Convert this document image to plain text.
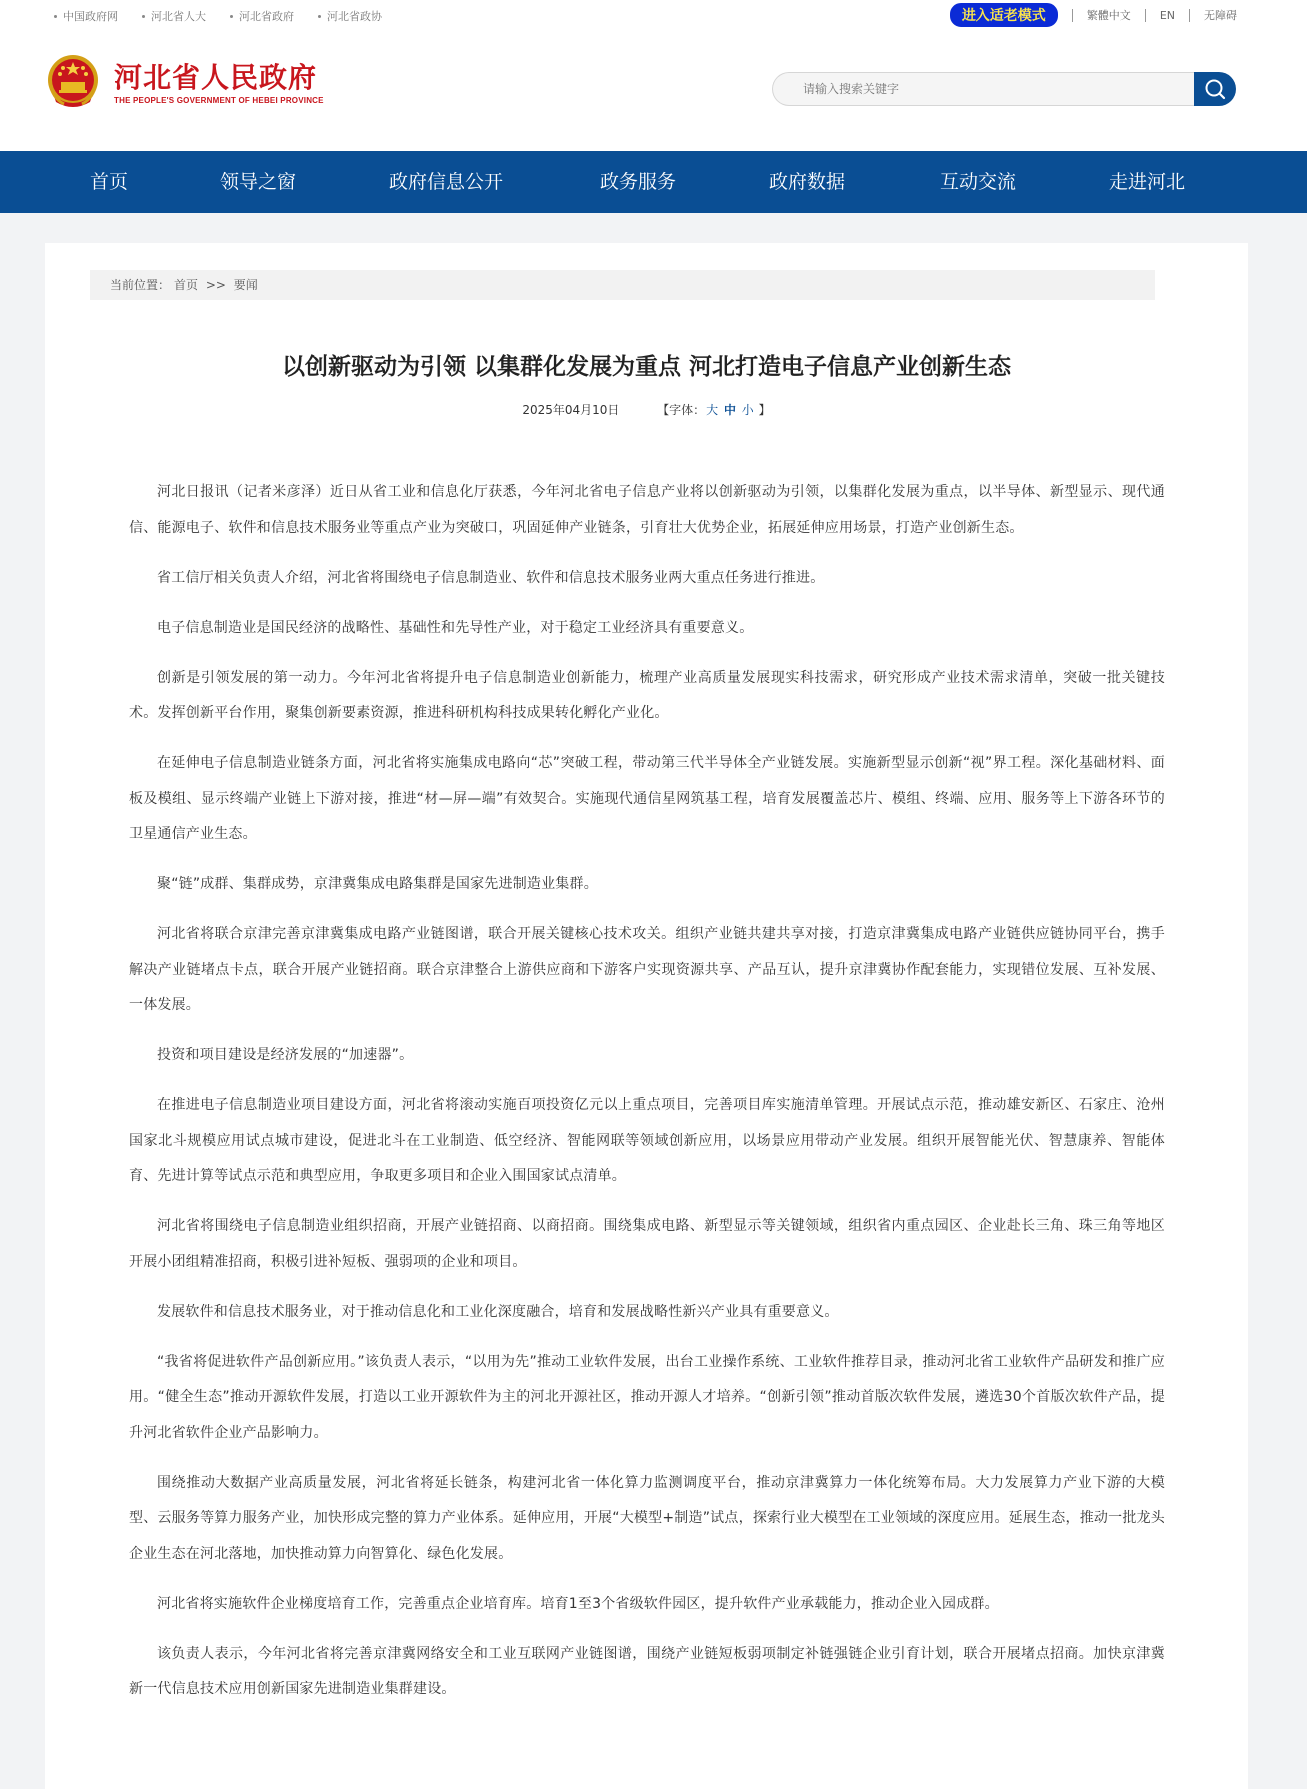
中国政府网	河北省人大	河北省政府	河北省政协	进入适老模式	繁體中文	EN	无障碍
河北省人民政府
THE PEOPLE'S GOVERNMENT OF HEBEI PROVINCE
请输入搜索关键字
首页	领导之窗	政府信息公开	政务服务	政府数据	互动交流	走进河北
当前位置： 首页 >> 要闻
以创新驱动为引领 以集群化发展为重点 河北打造电子信息产业创新生态
2025年04月10日	【字体：大 中 小 】

河北日报讯（记者米彦泽）近日从省工业和信息化厅获悉，今年河北省电子信息产业将以创新驱动为引领，以集群化发展为重点，以半导体、新型显示、现代通信、能源电子、软件和信息技术服务业等重点产业为突破口，巩固延伸产业链条，引育壮大优势企业，拓展延伸应用场景，打造产业创新生态。

省工信厅相关负责人介绍，河北省将围绕电子信息制造业、软件和信息技术服务业两大重点任务进行推进。

电子信息制造业是国民经济的战略性、基础性和先导性产业，对于稳定工业经济具有重要意义。

创新是引领发展的第一动力。今年河北省将提升电子信息制造业创新能力，梳理产业高质量发展现实科技需求，研究形成产业技术需求清单，突破一批关键技术。发挥创新平台作用，聚集创新要素资源，推进科研机构科技成果转化孵化产业化。

在延伸电子信息制造业链条方面，河北省将实施集成电路向“芯”突破工程，带动第三代半导体全产业链发展。实施新型显示创新“视”界工程。深化基础材料、面板及模组、显示终端产业链上下游对接，推进“材—屏—端”有效契合。实施现代通信星网筑基工程，培育发展覆盖芯片、模组、终端、应用、服务等上下游各环节的卫星通信产业生态。

聚“链”成群、集群成势，京津冀集成电路集群是国家先进制造业集群。

河北省将联合京津完善京津冀集成电路产业链图谱，联合开展关键核心技术攻关。组织产业链共建共享对接，打造京津冀集成电路产业链供应链协同平台，携手解决产业链堵点卡点，联合开展产业链招商。联合京津整合上游供应商和下游客户实现资源共享、产品互认，提升京津冀协作配套能力，实现错位发展、互补发展、一体发展。

投资和项目建设是经济发展的“加速器”。

在推进电子信息制造业项目建设方面，河北省将滚动实施百项投资亿元以上重点项目，完善项目库实施清单管理。开展试点示范，推动雄安新区、石家庄、沧州国家北斗规模应用试点城市建设，促进北斗在工业制造、低空经济、智能网联等领域创新应用，以场景应用带动产业发展。组织开展智能光伏、智慧康养、智能体育、先进计算等试点示范和典型应用，争取更多项目和企业入围国家试点清单。

河北省将围绕电子信息制造业组织招商，开展产业链招商、以商招商。围绕集成电路、新型显示等关键领域，组织省内重点园区、企业赴长三角、珠三角等地区开展小团组精准招商，积极引进补短板、强弱项的企业和项目。

发展软件和信息技术服务业，对于推动信息化和工业化深度融合，培育和发展战略性新兴产业具有重要意义。

“我省将促进软件产品创新应用。”该负责人表示，“以用为先”推动工业软件发展，出台工业操作系统、工业软件推荐目录，推动河北省工业软件产品研发和推广应用。“健全生态”推动开源软件发展，打造以工业开源软件为主的河北开源社区，推动开源人才培养。“创新引领”推动首版次软件发展，遴选30个首版次软件产品，提升河北省软件企业产品影响力。

围绕推动大数据产业高质量发展，河北省将延长链条，构建河北省一体化算力监测调度平台，推动京津冀算力一体化统筹布局。大力发展算力产业下游的大模型、云服务等算力服务产业，加快形成完整的算力产业体系。延伸应用，开展“大模型+制造”试点，探索行业大模型在工业领域的深度应用。延展生态，推动一批龙头企业生态在河北落地，加快推动算力向智算化、绿色化发展。

河北省将实施软件企业梯度培育工作，完善重点企业培育库。培育1至3个省级软件园区，提升软件产业承载能力，推动企业入园成群。

该负责人表示，今年河北省将完善京津冀网络安全和工业互联网产业链图谱，围绕产业链短板弱项制定补链强链企业引育计划，联合开展堵点招商。加快京津冀新一代信息技术应用创新国家先进制造业集群建设。
